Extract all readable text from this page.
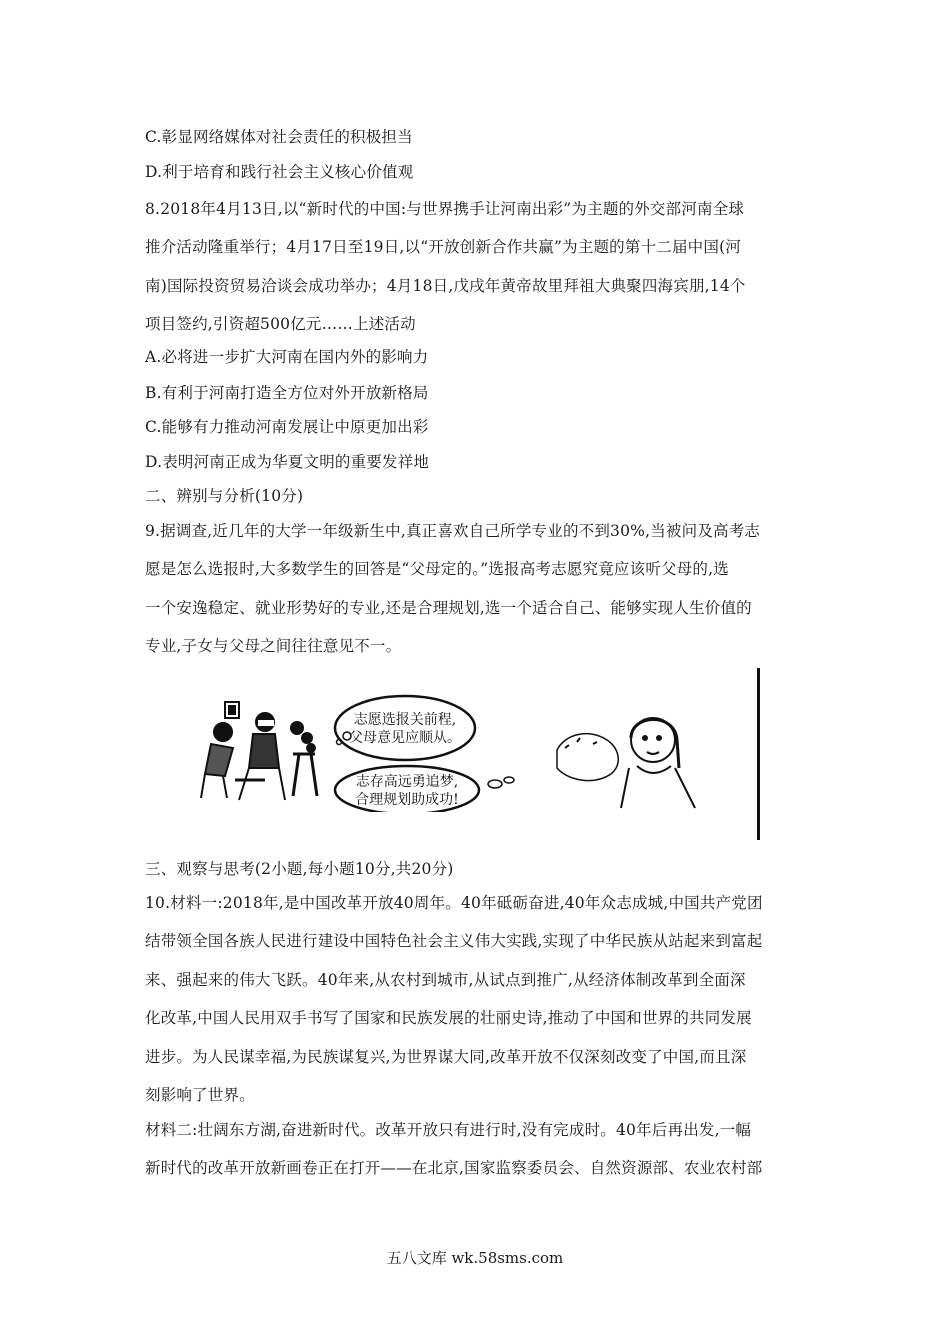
C.彰显网络媒体对社会责任的积极担当
D.利于培育和践行社会主义核心价值观
8.2018年4月13日,以“新时代的中国:与世界携手让河南出彩”为主题的外交部河南全球
推介活动隆重举行；4月17日至19日,以“开放创新合作共赢”为主题的第十二届中国(河
南)国际投资贸易洽谈会成功举办；4月18日,戊戌年黄帝故里拜祖大典聚四海宾朋,14个
项目签约,引资超500亿元……上述活动
A.必将进一步扩大河南在国内外的影响力
B.有利于河南打造全方位对外开放新格局
C.能够有力推动河南发展让中原更加出彩
D.表明河南正成为华夏文明的重要发祥地
二、辨别与分析(10分)
9.据调查,近几年的大学一年级新生中,真正喜欢自己所学专业的不到30%,当被问及高考志
愿是怎么选报时,大多数学生的回答是“父母定的。”选报高考志愿究竟应该听父母的,选
一个安逸稳定、就业形势好的专业,还是合理规划,选一个适合自己、能够实现人生价值的
专业,子女与父母之间往往意见不一。
三、观察与思考(2小题,每小题10分,共20分)
10.材料一:2018年,是中国改革开放40周年。40年砥砺奋进,40年众志成城,中国共产党团
结带领全国各族人民进行建设中国特色社会主义伟大实践,实现了中华民族从站起来到富起
来、强起来的伟大飞跃。40年来,从农村到城市,从试点到推广,从经济体制改革到全面深
化改革,中国人民用双手书写了国家和民族发展的壮丽史诗,推动了中国和世界的共同发展
进步。为人民谋幸福,为民族谋复兴,为世界谋大同,改革开放不仅深刻改变了中国,而且深
刻影响了世界。
材料二:壮阔东方湖,奋进新时代。改革开放只有进行时,没有完成时。40年后再出发,一幅
新时代的改革开放新画卷正在打开——在北京,国家监察委员会、自然资源部、农业农村部
志愿选报关前程,
父母意见应顺从。
志存高远勇追梦,
合理规划助成功!
五八文库 wk.58sms.com
